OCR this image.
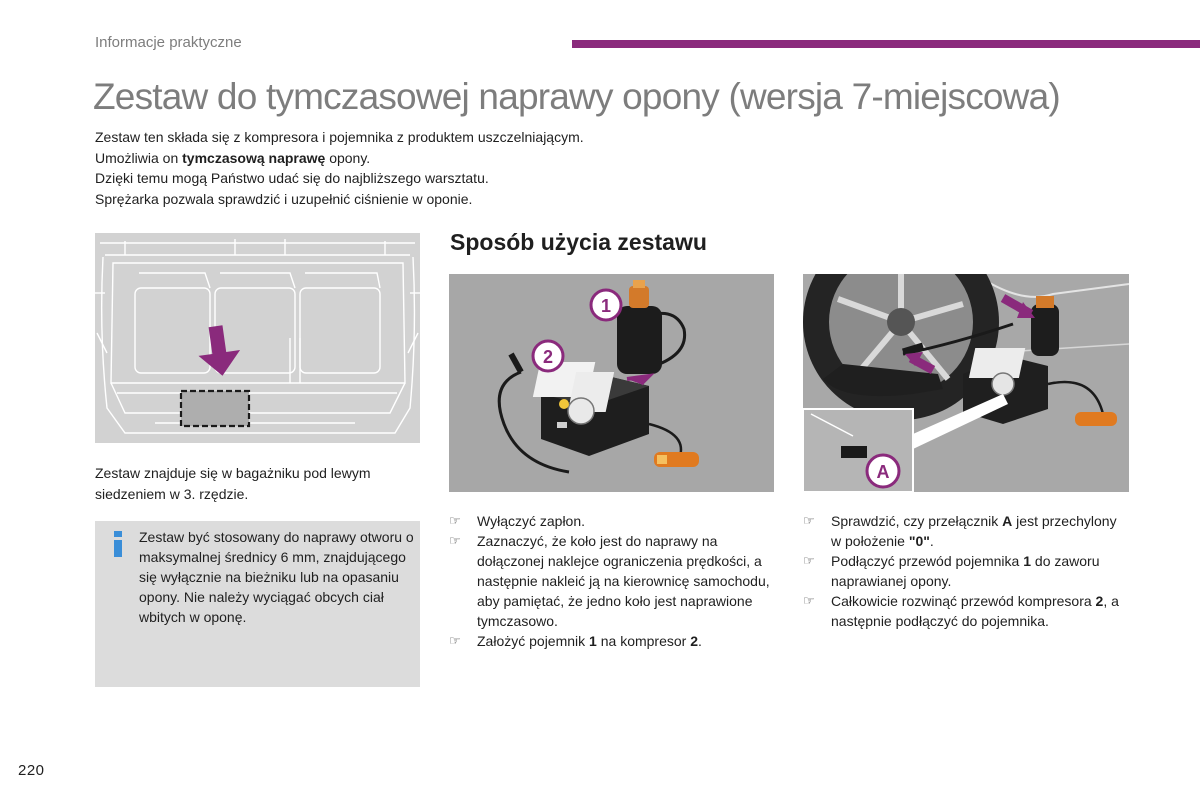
Informacje praktyczne
Zestaw do tymczasowej naprawy opony (wersja 7-miejscowa)
Zestaw ten składa się z kompresora i pojemnika z produktem uszczelniającym.
Umożliwia on tymczasową naprawę opony.
Dzięki temu mogą Państwo udać się do najbliższego warsztatu.
Sprężarka pozwala sprawdzić i uzupełnić ciśnienie w oponie.
Zestaw znajduje się w bagażniku pod lewym siedzeniem w 3. rzędzie.
Zestaw być stosowany do naprawy otworu o maksymalnej średnicy 6 mm, znajdującego się wyłącznie na bieżniku lub na opasaniu opony. Nie należy wyciągać obcych ciał wbitych w oponę.
Sposób użycia zestawu
1
2
A
☞ Wyłączyć zapłon.
☞ Zaznaczyć, że koło jest do naprawy na dołączonej naklejce ograniczenia prędkości, a następnie nakleić ją na kierownicę samochodu, aby pamiętać, że jedno koło jest naprawione tymczasowo.
☞ Założyć pojemnik 1 na kompresor 2.
☞ Sprawdzić, czy przełącznik A jest przechylony w położenie "0".
☞ Podłączyć przewód pojemnika 1 do zaworu naprawianej opony.
☞ Całkowicie rozwinąć przewód kompresora 2, a następnie podłączyć do pojemnika.
220
